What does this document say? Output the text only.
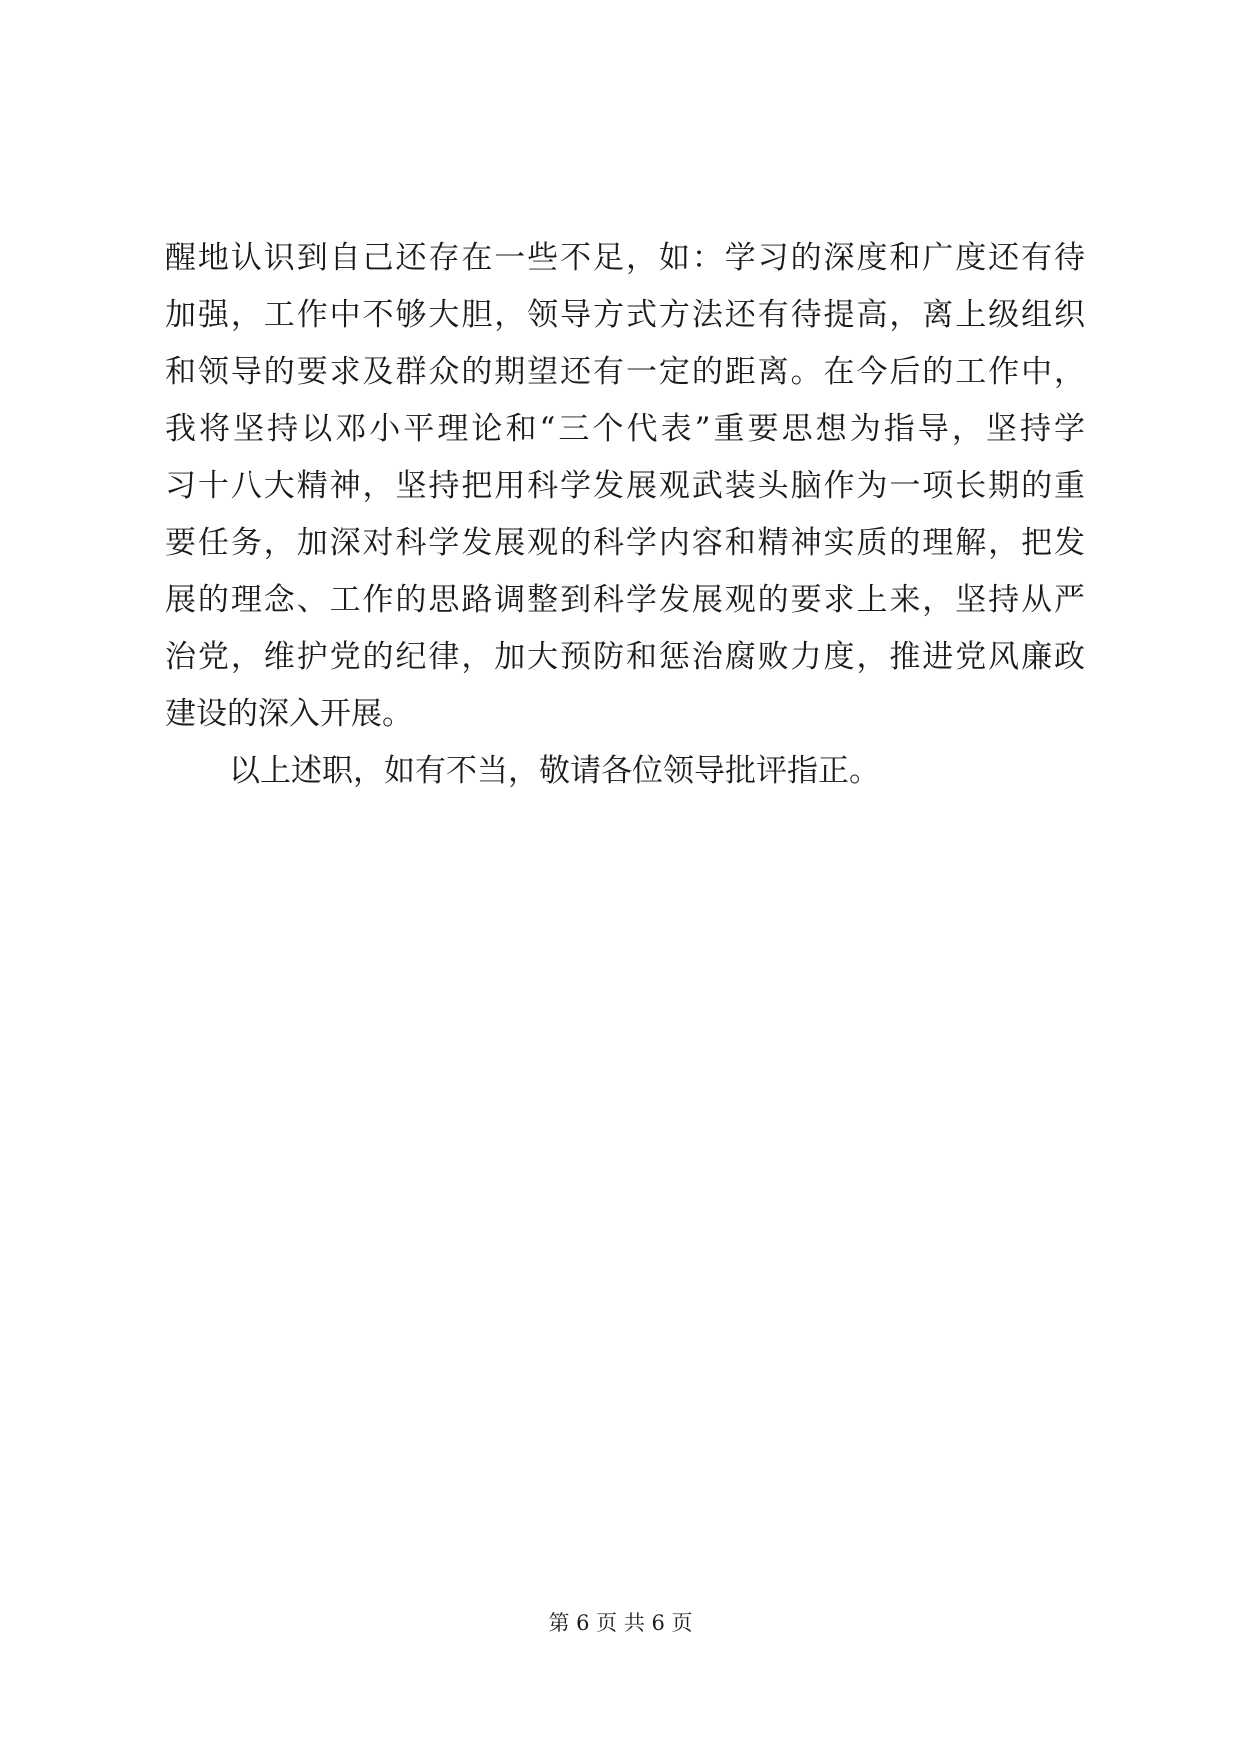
醒地认识到自己还存在一些不足，如：学习的深度和广度还有待
加强，工作中不够大胆，领导方式方法还有待提高，离上级组织
和领导的要求及群众的期望还有一定的距离。在今后的工作中，
我将坚持以邓小平理论和“三个代表”重要思想为指导，坚持学
习十八大精神，坚持把用科学发展观武装头脑作为一项长期的重
要任务，加深对科学发展观的科学内容和精神实质的理解，把发
展的理念、工作的思路调整到科学发展观的要求上来，坚持从严
治党，维护党的纪律，加大预防和惩治腐败力度，推进党风廉政
建设的深入开展。
以上述职，如有不当，敬请各位领导批评指正。
第 6 页 共 6 页
